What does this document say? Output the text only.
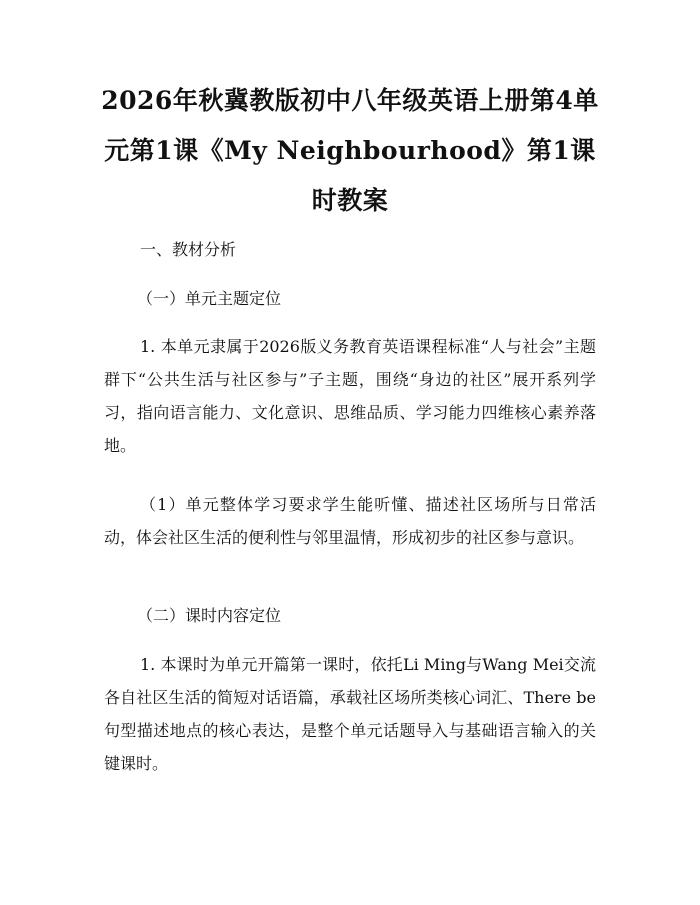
2026年秋冀教版初中八年级英语上册第4单元第1课《My Neighbourhood》第1课时教案

一、教材分析

（一）单元主题定位

1. 本单元隶属于2026版义务教育英语课程标准“人与社会”主题群下“公共生活与社区参与”子主题，围绕“身边的社区”展开系列学习，指向语言能力、文化意识、思维品质、学习能力四维核心素养落地。

（1）单元整体学习要求学生能听懂、描述社区场所与日常活动，体会社区生活的便利性与邻里温情，形成初步的社区参与意识。

（二）课时内容定位

1. 本课时为单元开篇第一课时，依托Li Ming与Wang Mei交流各自社区生活的简短对话语篇，承载社区场所类核心词汇、There be句型描述地点的核心表达，是整个单元话题导入与基础语言输入的关键课时。
